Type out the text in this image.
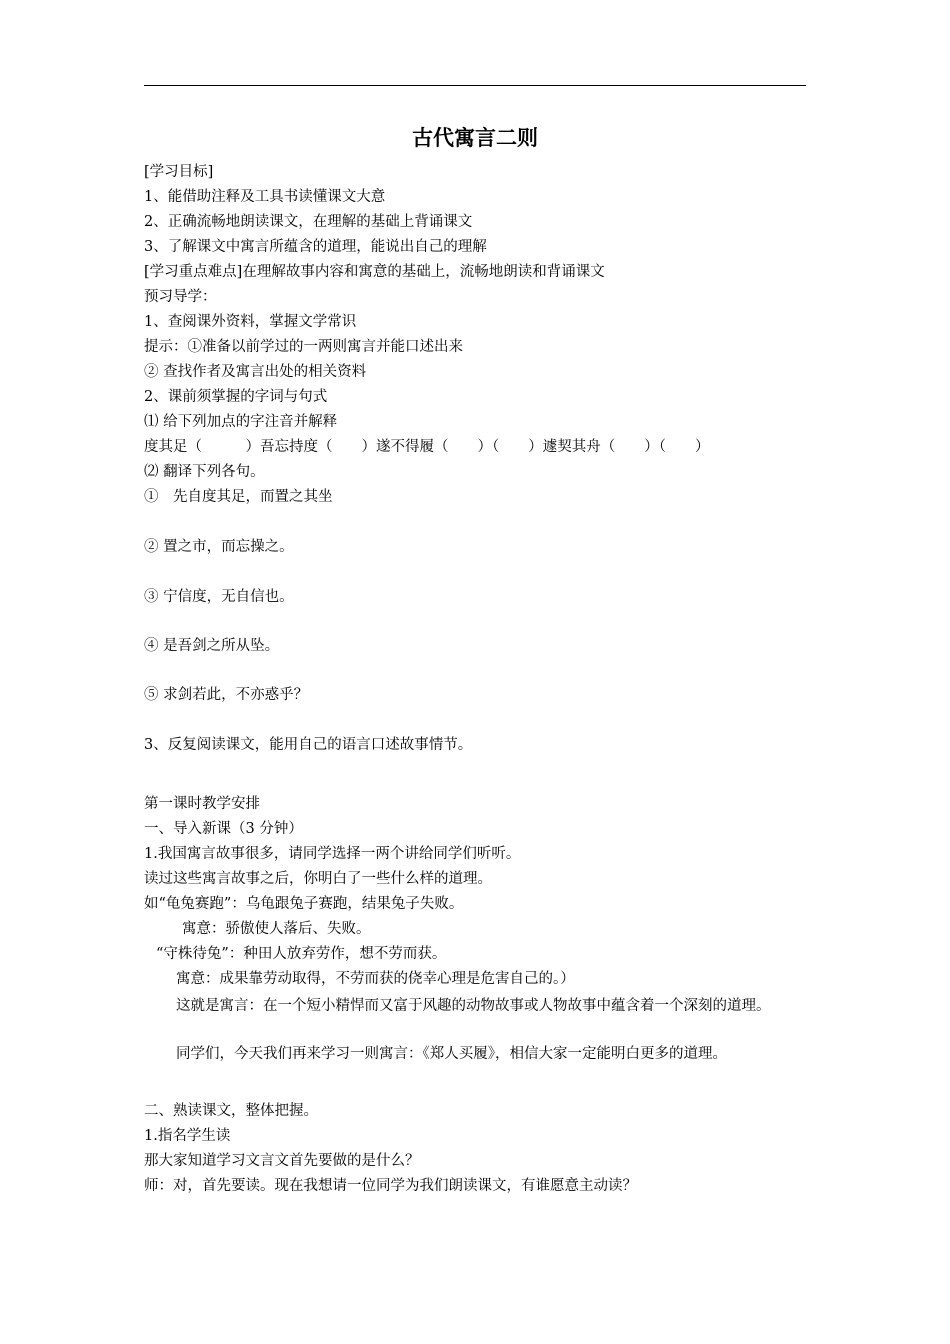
古代寓言二则
[学习目标]
1、能借助注释及工具书读懂课文大意
2、正确流畅地朗读课文，在理解的基础上背诵课文
3、了解课文中寓言所蕴含的道理，能说出自己的理解
[学习重点难点]在理解故事内容和寓意的基础上，流畅地朗读和背诵课文
预习导学：
1、查阅课外资料，掌握文学常识
提示：①准备以前学过的一两则寓言并能口述出来
② 查找作者及寓言出处的相关资料
2、课前须掌握的字词与句式
⑴ 给下列加点的字注音并解释
度其足（　　　）吾忘持度（　　）遂不得履（　　）（　　）遽契其舟（　　）（　　）
⑵ 翻译下列各句。
①　先自度其足，而置之其坐
② 置之市，而忘操之。
③ 宁信度，无自信也。
④ 是吾剑之所从坠。
⑤ 求剑若此，不亦惑乎？
3、反复阅读课文，能用自己的语言口述故事情节。
第一课时教学安排
一、导入新课（3 分钟）
1.我国寓言故事很多，请同学选择一两个讲给同学们听听。
读过这些寓言故事之后，你明白了一些什么样的道理。
如“龟兔赛跑”：乌龟跟兔子赛跑，结果兔子失败。
寓意：骄傲使人落后、失败。
“守株待兔”：种田人放弃劳作，想不劳而获。
寓意：成果靠劳动取得，不劳而获的侥幸心理是危害自己的。）
这就是寓言：在一个短小精悍而又富于风趣的动物故事或人物故事中蕴含着一个深刻的道理。
同学们，今天我们再来学习一则寓言：《郑人买履》，相信大家一定能明白更多的道理。
二、熟读课文，整体把握。
1.指名学生读
那大家知道学习文言文首先要做的是什么？
师：对，首先要读。现在我想请一位同学为我们朗读课文，有谁愿意主动读？
